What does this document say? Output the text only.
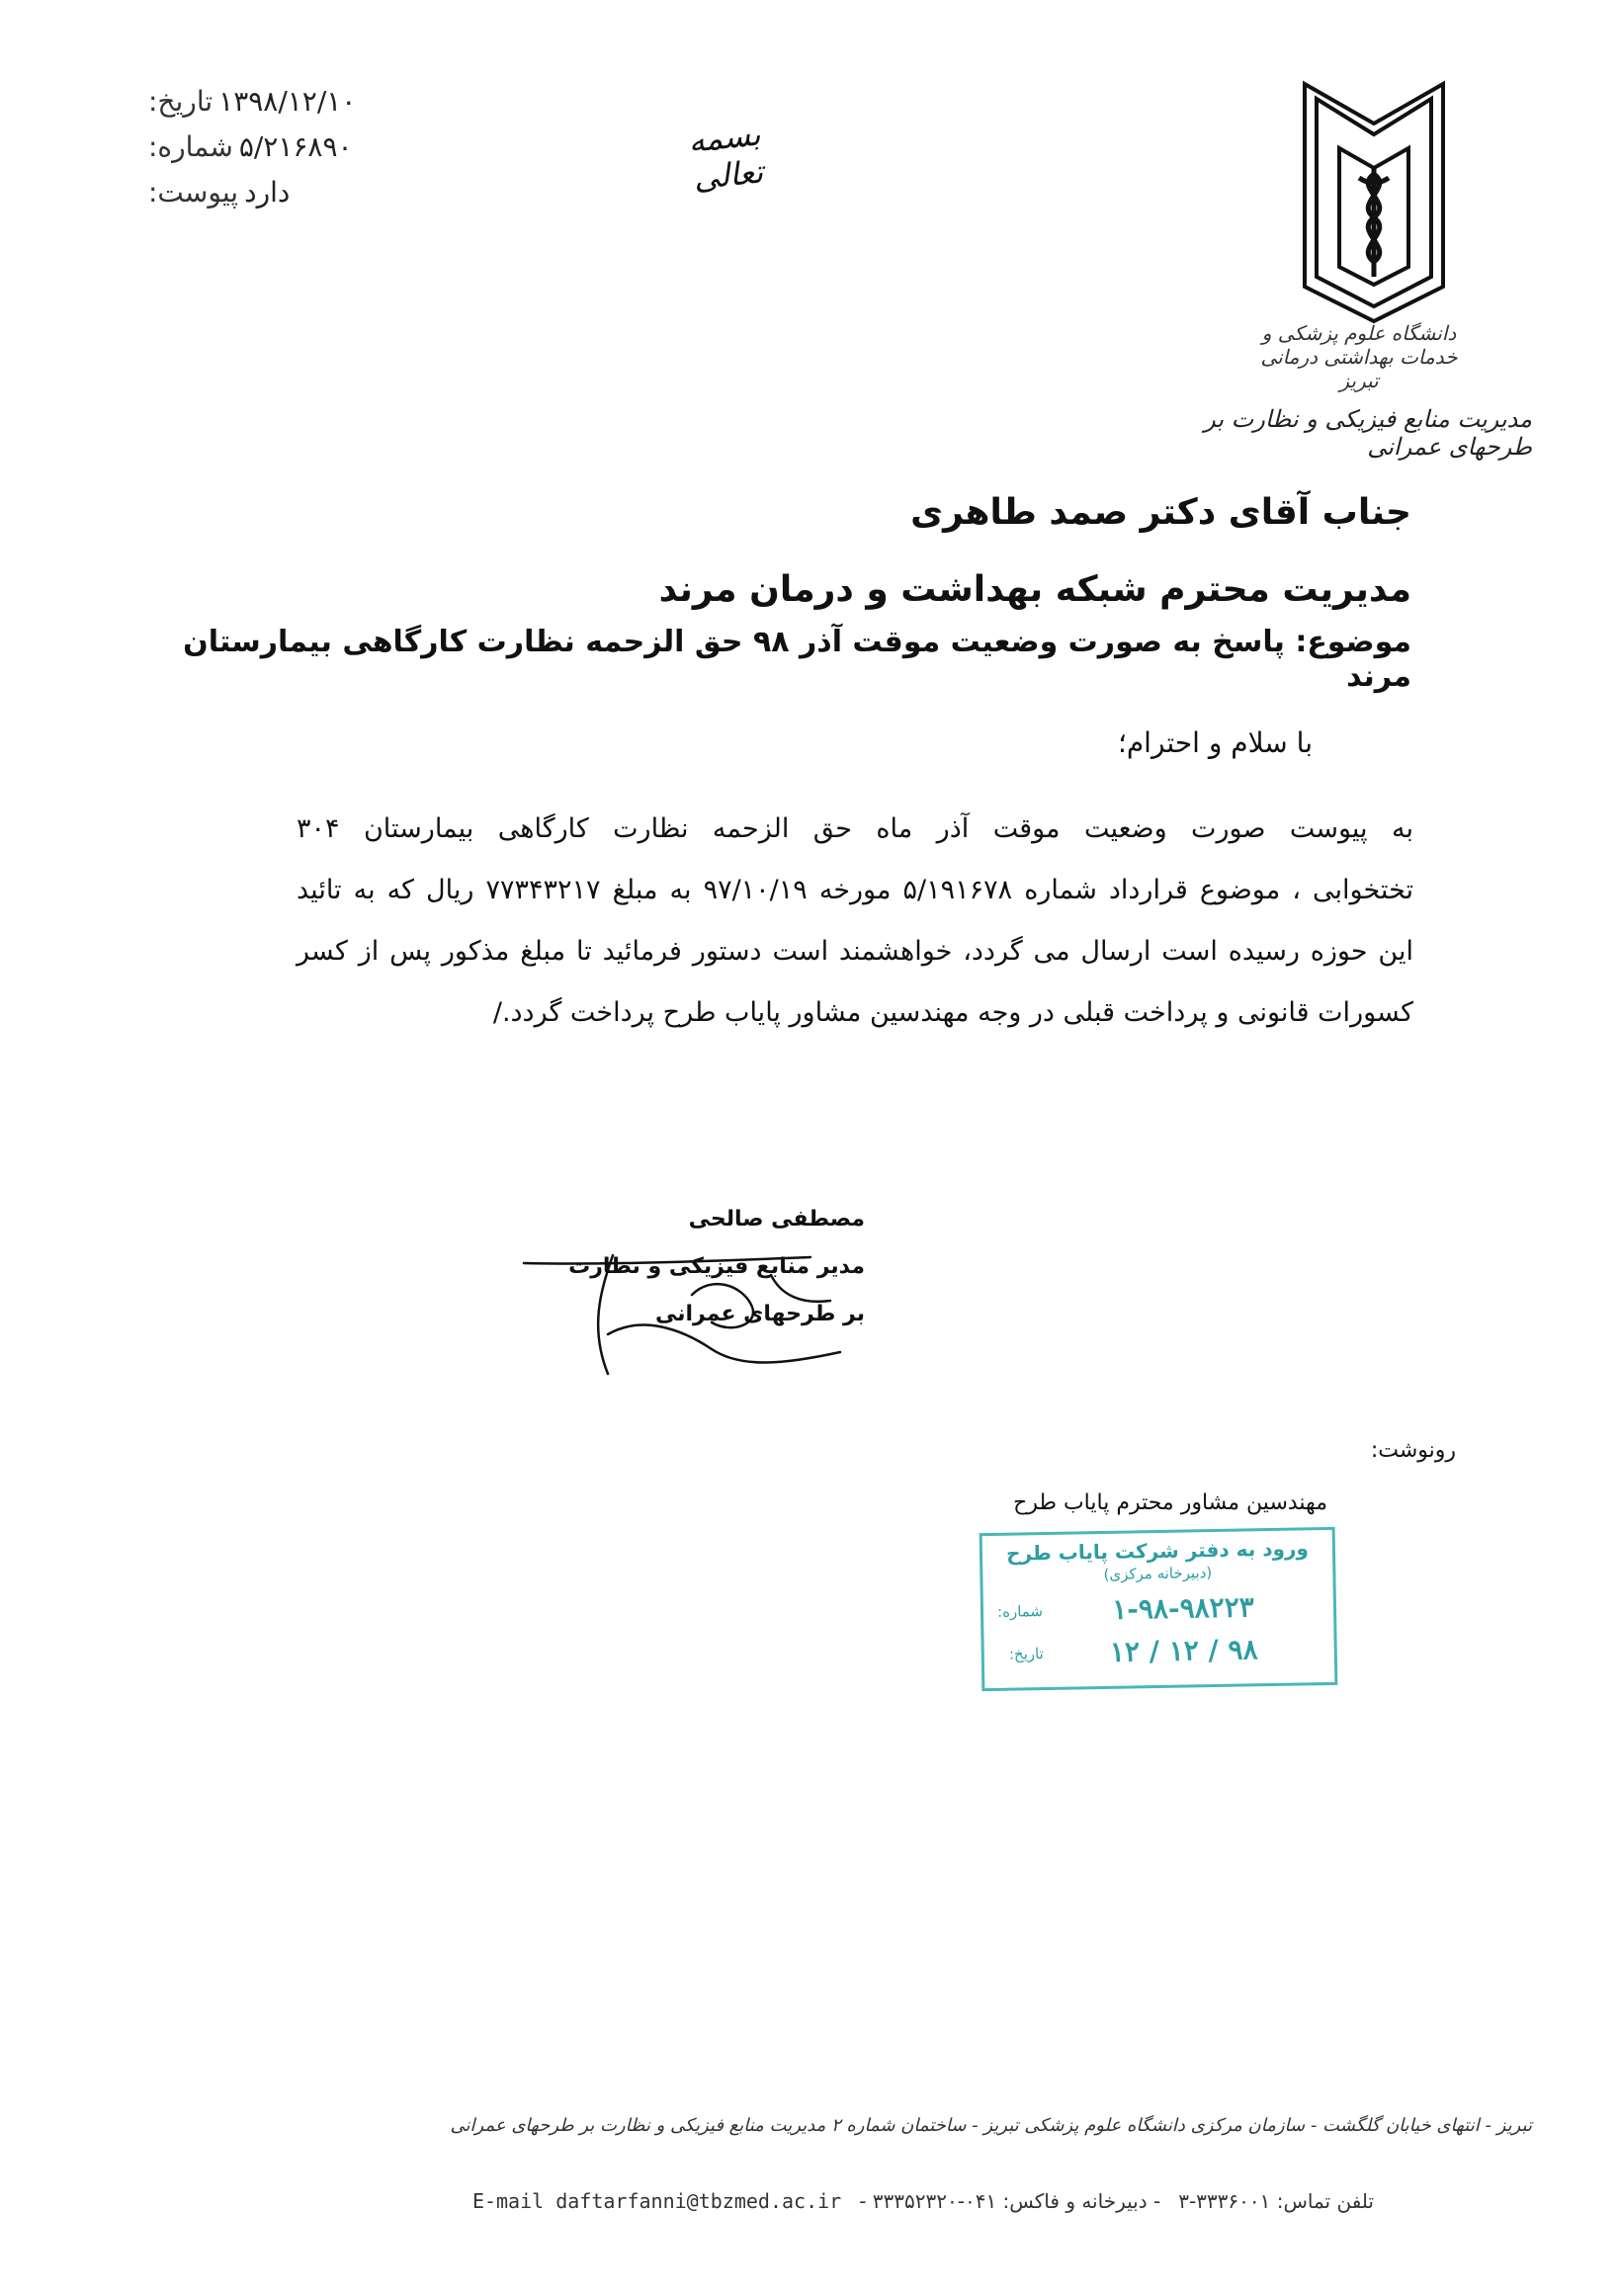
تاریخ: ۱۳۹۸/۱۲/۱۰
شماره: ۵/۲۱۶۸۹۰
پیوست: دارد
بسمه تعالی
دانشگاه علوم پزشکی و خدمات بهداشتی درمانی تبریز
مدیریت منابع فیزیکی و نظارت بر طرحهای عمرانی
جناب آقای دکتر صمد طاهری
مدیریت محترم شبکه بهداشت و درمان مرند
موضوع: پاسخ به صورت وضعیت موقت آذر ۹۸ حق الزحمه نظارت کارگاهی بیمارستان مرند
با سلام و احترام؛

به پیوست صورت وضعیت موقت آذر ماه حق الزحمه نظارت کارگاهی بیمارستان ۳۰۴

تختخوابی ، موضوع قرارداد شماره ۵/۱۹۱۶۷۸ مورخه ۹۷/۱۰/۱۹ به مبلغ ۷۷۳۴۳۲۱۷ ریال که به تائید

این حوزه رسیده است ارسال می گردد، خواهشمند است دستور فرمائید تا مبلغ مذکور پس از کسر

کسورات قانونی و پرداخت قبلی در وجه مهندسین مشاور پایاب طرح پرداخت گردد./

مصطفی صالحی
مدیر منابع فیزیکی و نظارت
بر طرحهای عمرانی
رونوشت:
مهندسین مشاور محترم پایاب طرح
ورود به دفتر شرکت پایاب طرح
(دبیرخانه مرکزی)
شماره:	۱-۹۸-۹۸۲۲۳
تاریخ:	۹۸ / ۱۲ / ۱۲
تبریز - انتهای خیابان گلگشت - سازمان مرکزی دانشگاه علوم پزشکی تبریز - ساختمان شماره ۲ مدیریت منابع فیزیکی و نظارت بر طرحهای عمرانی
تلفن تماس: ۳۳۳۶۰۰۱-۳
- دبیرخانه و فاکس: ۰۴۱-۳۳۳۵۲۳۲۰ -
E-mail daftarfanni@tbzmed.ac.ir
